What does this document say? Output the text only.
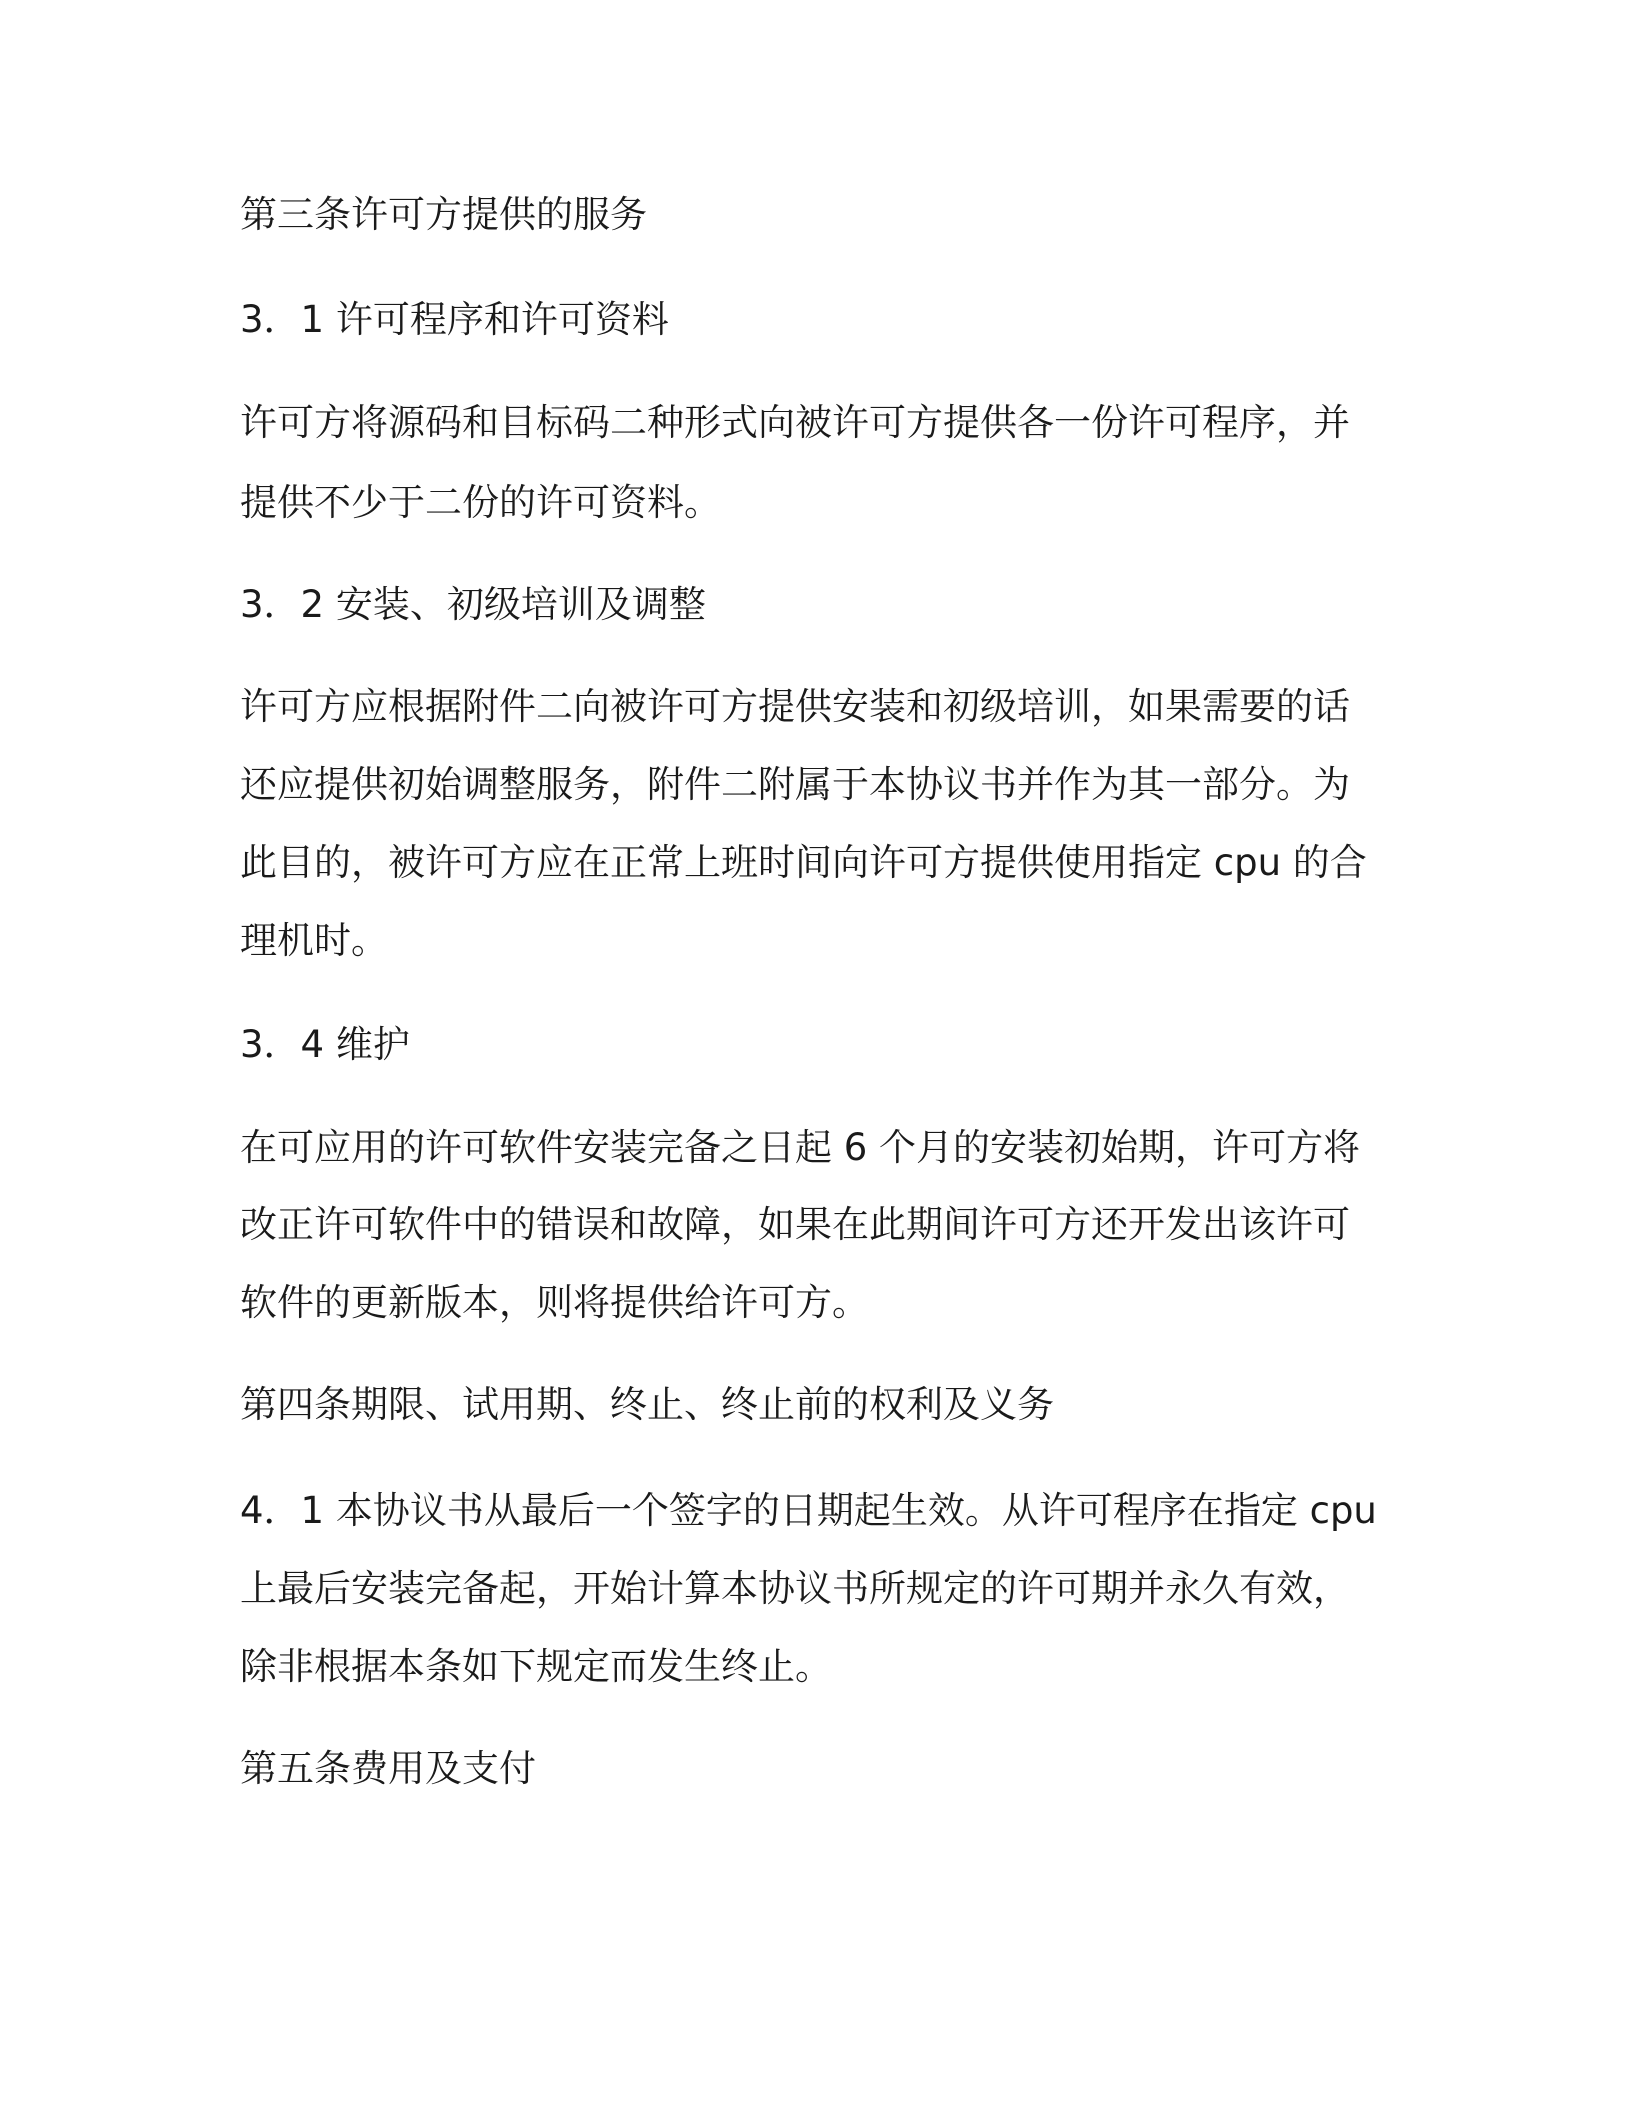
第三条许可方提供的服务

3．1 许可程序和许可资料

许可方将源码和目标码二种形式向被许可方提供各一份许可程序，并

提供不少于二份的许可资料。

3．2 安装、初级培训及调整

许可方应根据附件二向被许可方提供安装和初级培训，如果需要的话

还应提供初始调整服务，附件二附属于本协议书并作为其一部分。为

此目的，被许可方应在正常上班时间向许可方提供使用指定 cpu 的合

理机时。

3．4 维护

在可应用的许可软件安装完备之日起 6 个月的安装初始期，许可方将

改正许可软件中的错误和故障，如果在此期间许可方还开发出该许可

软件的更新版本，则将提供给许可方。

第四条期限、试用期、终止、终止前的权利及义务

4．1 本协议书从最后一个签字的日期起生效。从许可程序在指定 cpu

上最后安装完备起，开始计算本协议书所规定的许可期并永久有效，

除非根据本条如下规定而发生终止。

第五条费用及支付
